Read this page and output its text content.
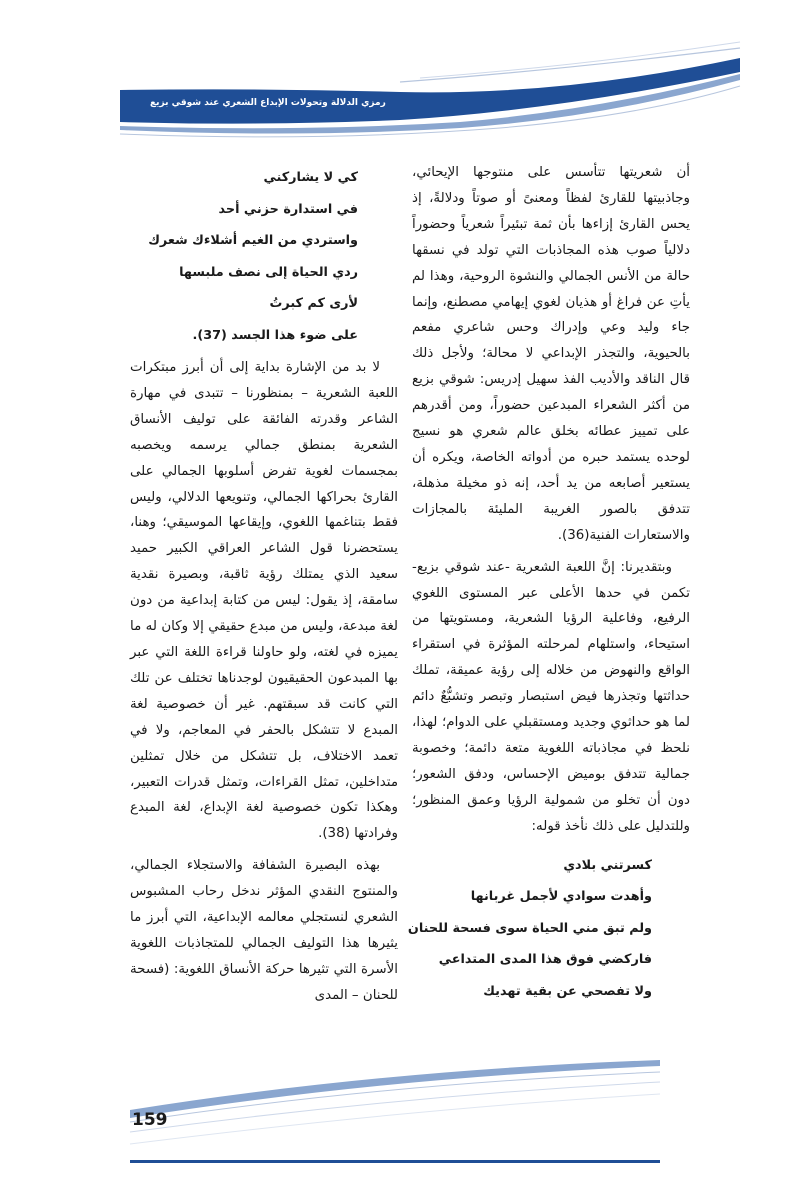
رمزي الدلالة وتحولات الإبداع الشعري عند شوقي بزيع

أن شعريتها تتأسس على منتوجها الإيحائي، وجاذبيتها للقارئ لفظاً ومعنىً أو صوتاً ودلالةً، إذ يحس القارئ إزاءها بأن ثمة تبئيراً شعرياً وحضوراً دلالياً صوب هذه المجاذبات التي تولد في نسقها حالة من الأنس الجمالي والنشوة الروحية، وهذا لم يأتِ عن فراغ أو هذيان لغوي إيهامي مصطنع، وإنما جاء وليد وعي وإدراك وحس شاعري مفعم بالحيوية، والتجذر الإبداعي لا محالة؛ ولأجل ذلك قال الناقد والأديب الفذ سهيل إدريس: شوقي بزيع من أكثر الشعراء المبدعين حضوراً، ومن أقدرهم على تمييز عطائه بخلق عالم شعري هو نسيج لوحده يستمد حبره من أدواته الخاصة، ويكره أن يستعير أصابعه من يد أحد، إنه ذو مخيلة مذهلة، تتدفق بالصور الغريبة المليئة بالمجازات والاستعارات الفنية(36).

وبتقديرنا: إنَّ اللعبة الشعرية -عند شوقي بزيع- تكمن في حدها الأعلى عبر المستوى اللغوي الرفيع، وفاعلية الرؤيا الشعرية، ومستويتها من استيحاء، واستلهام لمرحلته المؤثرة في استقراء الواقع والنهوض من خلاله إلى رؤية عميقة، تملك حداثتها وتجذرها فيض استبصار وتبصر وتشبُّعٌ دائم لما هو حداثوي وجديد ومستقبلي على الدوام؛ لهذا، نلحظ في مجاذباته اللغوية متعة دائمة؛ وخصوبة جمالية تتدفق بوميض الإحساس، ودفق الشعور؛ دون أن تخلو من شمولية الرؤيا وعمق المنظور؛ وللتدليل على ذلك نأخذ قوله:

كسرتني بلادي
وأهدت سوادي لأجمل غربانها
ولم تبق مني الحياة سوى فسحة للحنان
فاركضي فوق هذا المدى المتداعي
ولا تفصحي عن بقية تهديك
كي لا يشاركني
في استدارة حزني أحد
واستردي من الغيم أشلاءك شعرك
ردي الحياة إلى نصف ملبسها
لأرى كم كبرتُ
على ضوء هذا الجسد (37).

لا بد من الإشارة بداية إلى أن أبرز مبتكرات اللعبة الشعرية – بمنظورنا – تتبدى في مهارة الشاعر وقدرته الفائقة على توليف الأنساق الشعرية بمنطق جمالي يرسمه ويخصبه بمجسمات لغوية تفرض أسلوبها الجمالي على القارئ بحراكها الجمالي، وتنويعها الدلالي، وليس فقط بتناغمها اللغوي، وإيقاعها الموسيقي؛ وهنا، يستحضرنا قول الشاعر العراقي الكبير حميد سعيد الذي يمتلك رؤية ثاقبة، وبصيرة نقدية سامقة، إذ يقول: ليس من كتابة إبداعية من دون لغة مبدعة، وليس من مبدع حقيقي إلا وكان له ما يميزه في لغته، ولو حاولنا قراءة اللغة التي عبر بها المبدعون الحقيقيون لوجدناها تختلف عن تلك التي كانت قد سبقتهم. غير أن خصوصية لغة المبدع لا تتشكل بالحفر في المعاجم، ولا في تعمد الاختلاف، بل تتشكل من خلال تمثلين متداخلين، تمثل القراءات، وتمثل قدرات التعبير، وهكذا تكون خصوصية لغة الإبداع، لغة المبدع وفرادتها (38).

بهذه البصيرة الشفافة والاستجلاء الجمالي، والمنتوج النقدي المؤثر ندخل رحاب المشبوس الشعري لنستجلي معالمه الإبداعية، التي أبرز ما يثيرها هذا التوليف الجمالي للمتجاذبات اللغوية الأسرة التي تثيرها حركة الأنساق اللغوية: (فسحة للحنان – المدى

159
